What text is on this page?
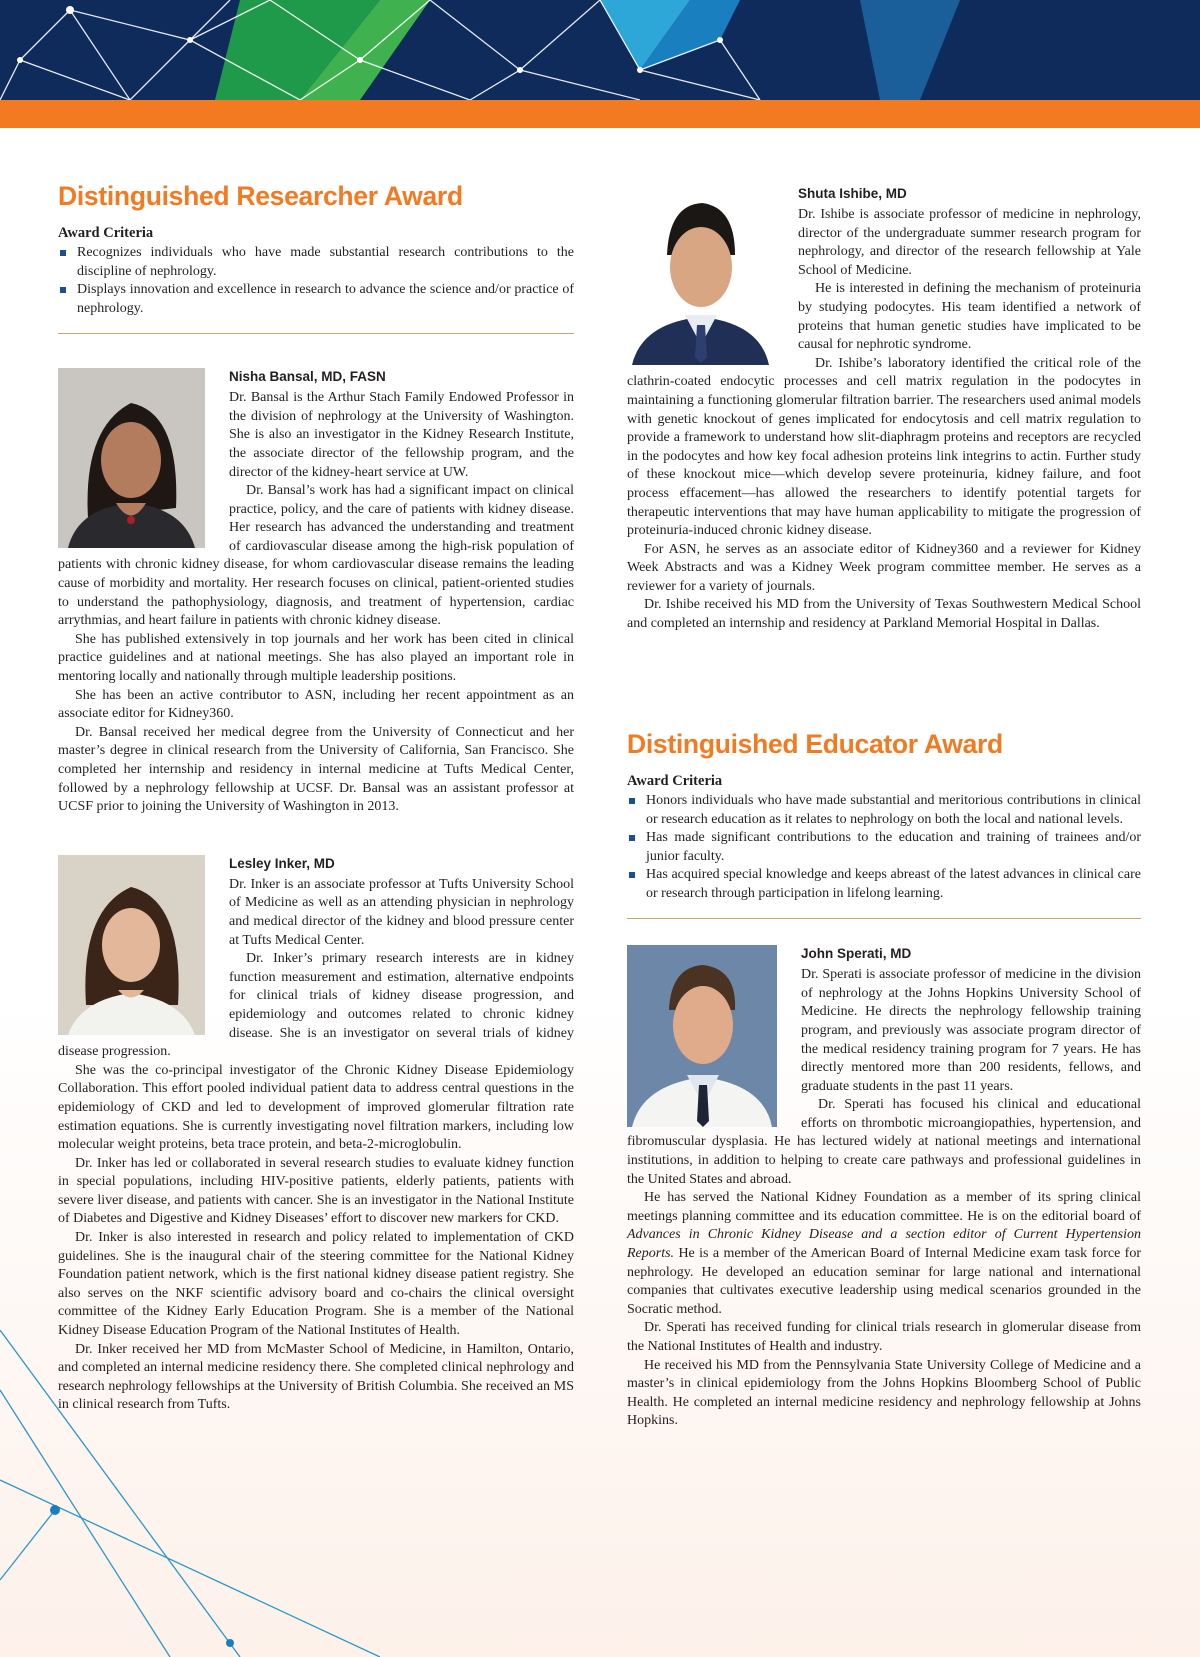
Distinguished Researcher Award
Award Criteria
Recognizes individuals who have made substantial research contributions to the discipline of nephrology.
Displays innovation and excellence in research to advance the science and/or practice of nephrology.
Nisha Bansal, MD, FASN

Dr. Bansal is the Arthur Stach Family Endowed Professor in the division of nephrology at the University of Washington. She is also an investigator in the Kidney Research Institute, the associate director of the fellowship program, and the director of the kidney-heart service at UW.

Dr. Bansal’s work has had a significant impact on clinical practice, policy, and the care of patients with kidney disease. Her research has advanced the understanding and treatment of cardiovascular disease among the high-risk population of patients with chronic kidney disease, for whom cardiovascular disease remains the leading cause of morbidity and mortality. Her research focuses on clinical, patient-oriented studies to understand the pathophysiology, diagnosis, and treatment of hypertension, cardiac arrythmias, and heart failure in patients with chronic kidney disease.

She has published extensively in top journals and her work has been cited in clinical practice guidelines and at national meetings. She has also played an important role in mentoring locally and nationally through multiple leadership positions.

She has been an active contributor to ASN, including her recent appointment as an associate editor for Kidney360.

Dr. Bansal received her medical degree from the University of Connecticut and her master’s degree in clinical research from the University of California, San Francisco. She completed her internship and residency in internal medicine at Tufts Medical Center, followed by a nephrology fellowship at UCSF. Dr. Bansal was an assistant professor at UCSF prior to joining the University of Washington in 2013.

Lesley Inker, MD

Dr. Inker is an associate professor at Tufts University School of Medicine as well as an attending physician in nephrology and medical director of the kidney and blood pressure center at Tufts Medical Center.

Dr. Inker’s primary research interests are in kidney function measurement and estimation, alternative endpoints for clinical trials of kidney disease progression, and epidemiology and outcomes related to chronic kidney disease. She is an investigator on several trials of kidney disease progression.

She was the co-principal investigator of the Chronic Kidney Disease Epidemiology Collaboration. This effort pooled individual patient data to address central questions in the epidemiology of CKD and led to development of improved glomerular filtration rate estimation equations. She is currently investigating novel filtration markers, including low molecular weight proteins, beta trace protein, and beta-2-microglobulin.

Dr. Inker has led or collaborated in several research studies to evaluate kidney function in special populations, including HIV-positive patients, elderly patients, patients with severe liver disease, and patients with cancer. She is an investigator in the National Institute of Diabetes and Digestive and Kidney Diseases’ effort to discover new markers for CKD.

Dr. Inker is also interested in research and policy related to implementation of CKD guidelines. She is the inaugural chair of the steering committee for the National Kidney Foundation patient network, which is the first national kidney disease patient registry. She also serves on the NKF scientific advisory board and co-chairs the clinical oversight committee of the Kidney Early Education Program. She is a member of the National Kidney Disease Education Program of the National Institutes of Health.

Dr. Inker received her MD from McMaster School of Medicine, in Hamilton, Ontario, and completed an internal medicine residency there. She completed clinical nephrology and research nephrology fellowships at the University of British Columbia. She received an MS in clinical research from Tufts.

Shuta Ishibe, MD

Dr. Ishibe is associate professor of medicine in nephrology, director of the undergraduate summer research program for nephrology, and director of the research fellowship at Yale School of Medicine.

He is interested in defining the mechanism of proteinuria by studying podocytes. His team identified a network of proteins that human genetic studies have implicated to be causal for nephrotic syndrome.

Dr. Ishibe’s laboratory identified the critical role of the clathrin-coated endocytic processes and cell matrix regulation in the podocytes in maintaining a functioning glomerular filtration barrier. The researchers used animal models with genetic knockout of genes implicated for endocytosis and cell matrix regulation to provide a framework to understand how slit-diaphragm proteins and receptors are recycled in the podocytes and how key focal adhesion proteins link integrins to actin. Further study of these knockout mice—which develop severe proteinuria, kidney failure, and foot process effacement—has allowed the researchers to identify potential targets for therapeutic interventions that may have human applicability to mitigate the progression of proteinuria-induced chronic kidney disease.

For ASN, he serves as an associate editor of Kidney360 and a reviewer for Kidney Week Abstracts and was a Kidney Week program committee member. He serves as a reviewer for a variety of journals.

Dr. Ishibe received his MD from the University of Texas Southwestern Medical School and completed an internship and residency at Parkland Memorial Hospital in Dallas.

Distinguished Educator Award
Award Criteria
Honors individuals who have made substantial and meritorious contributions in clinical or research education as it relates to nephrology on both the local and national levels.
Has made significant contributions to the education and training of trainees and/or junior faculty.
Has acquired special knowledge and keeps abreast of the latest advances in clinical care or research through participation in lifelong learning.
John Sperati, MD

Dr. Sperati is associate professor of medicine in the division of nephrology at the Johns Hopkins University School of Medicine. He directs the nephrology fellowship training program, and previously was associate program director of the medical residency training program for 7 years. He has directly mentored more than 200 residents, fellows, and graduate students in the past 11 years.

Dr. Sperati has focused his clinical and educational efforts on thrombotic microangiopathies, hypertension, and fibromuscular dysplasia. He has lectured widely at national meetings and international institutions, in addition to helping to create care pathways and professional guidelines in the United States and abroad.

He has served the National Kidney Foundation as a member of its spring clinical meetings planning committee and its education committee. He is on the editorial board of Advances in Chronic Kidney Disease and a section editor of Current Hypertension Reports. He is a member of the American Board of Internal Medicine exam task force for nephrology. He developed an education seminar for large national and international companies that cultivates executive leadership using medical scenarios grounded in the Socratic method.

Dr. Sperati has received funding for clinical trials research in glomerular disease from the National Institutes of Health and industry.

He received his MD from the Pennsylvania State University College of Medicine and a master’s in clinical epidemiology from the Johns Hopkins Bloomberg School of Public Health. He completed an internal medicine residency and nephrology fellowship at Johns Hopkins.
